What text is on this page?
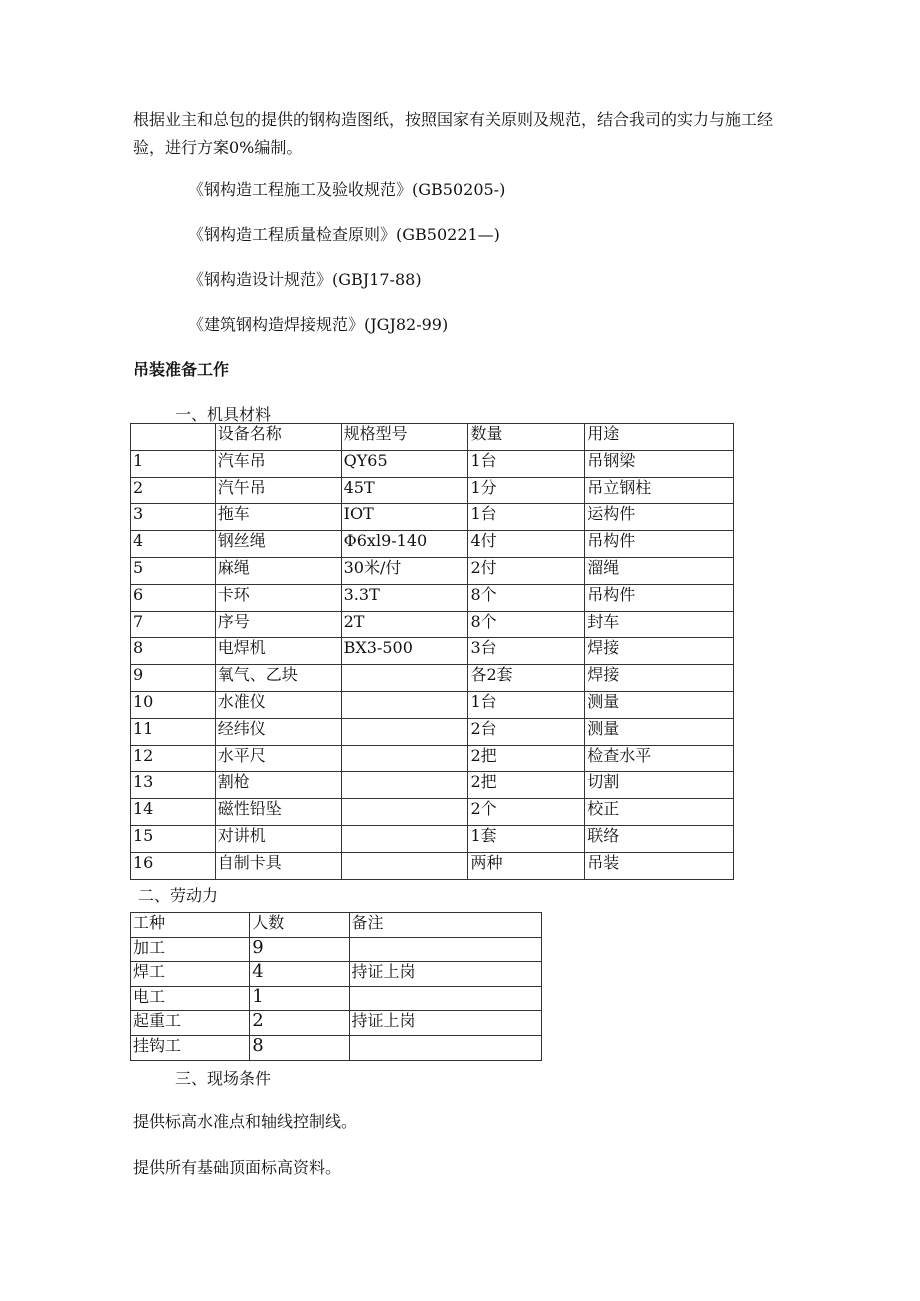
根据业主和总包的提供的钢构造图纸，按照国家有关原则及规范，结合我司的实力与施工经验，进行方案0%编制。
《钢构造工程施工及验收规范》(GB50205-)
《钢构造工程质量检查原则》(GB50221—)
《钢构造设计规范》(GBJ17-88)
《建筑钢构造焊接规范》(JGJ82-99)
吊装准备工作
一、机具材料
	设备名称	规格型号	数量	用途
1	汽车吊	QY65	1台	吊钢梁
2	汽午吊	45T	1分	吊立钢柱
3	拖车	IOT	1台	运构件
4	钢丝绳	Φ6xl9-140	4付	吊构件
5	麻绳	30米/付	2付	溜绳
6	卡环	3.3T	8个	吊构件
7	序号	2T	8个	封车
8	电焊机	BX3-500	3台	焊接
9	氧气、乙块		各2套	焊接
10	水准仪		1台	测量
11	经纬仪		2台	测量
12	水平尺		2把	检查水平
13	割枪		2把	切割
14	磁性铅坠		2个	校正
15	对讲机		1套	联络
16	自制卡具		两种	吊装
二、劳动力
工种	人数	备注
加工	9	
焊工	4	持证上岗
电工	1	
起重工	2	持证上岗
挂钩工	8	
三、现场条件
提供标高水准点和轴线控制线。
提供所有基础顶面标高资料。
